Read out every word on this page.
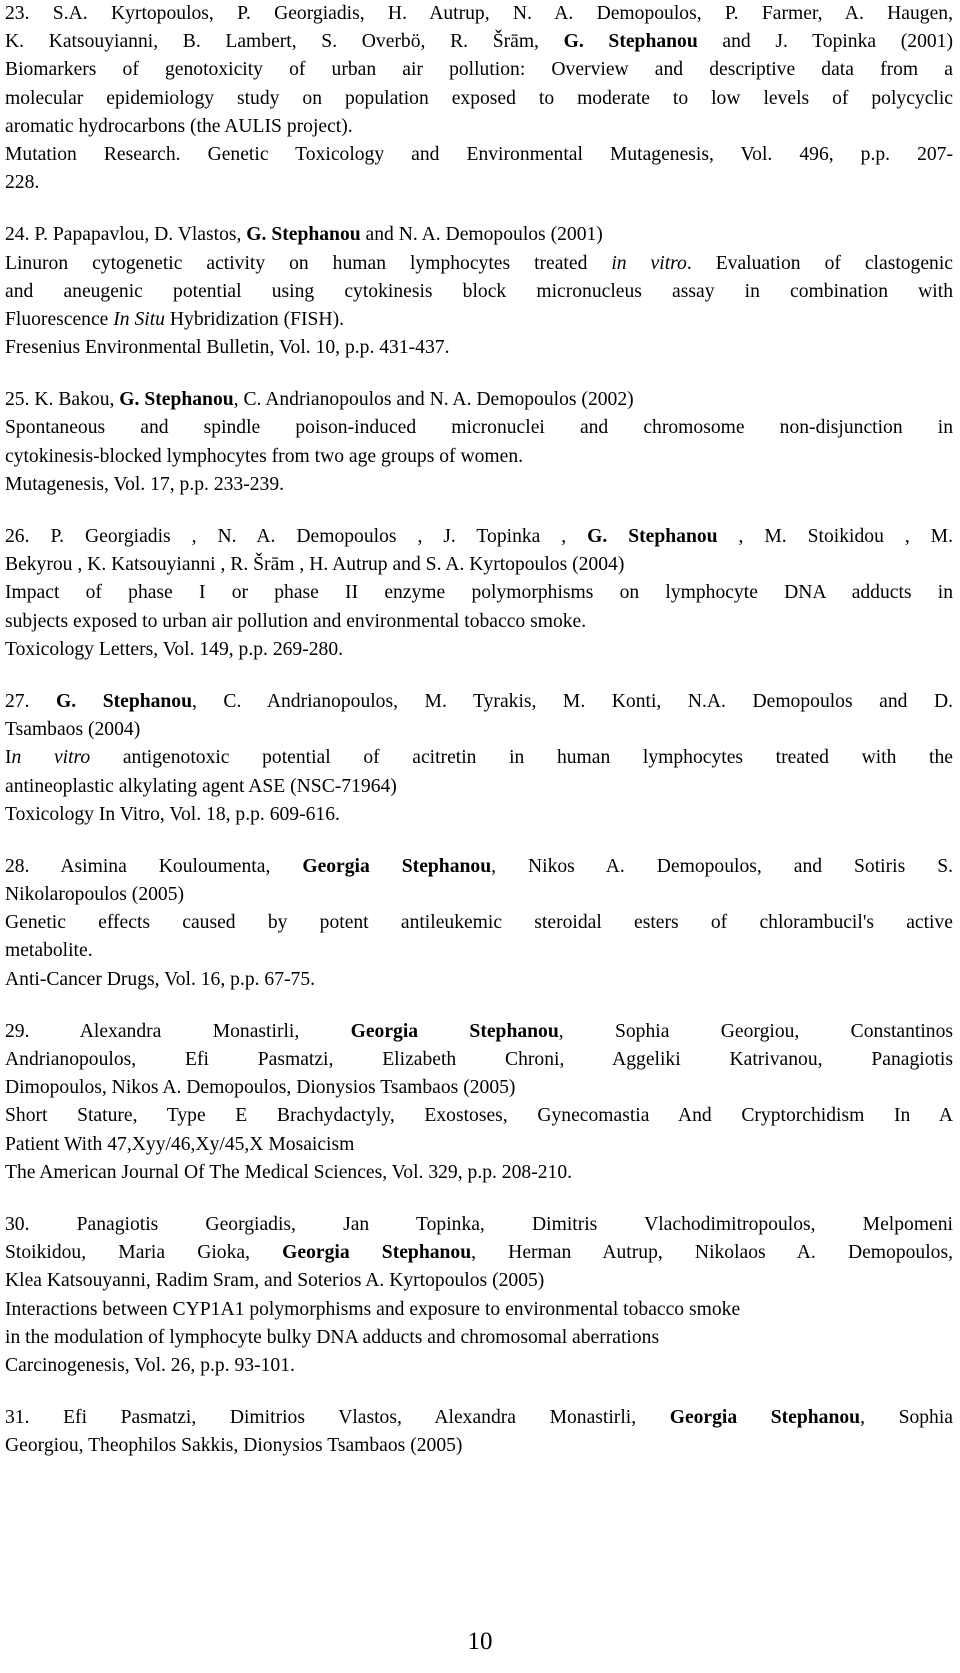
23. S.A. Kyrtopoulos, P. Georgiadis, H. Autrup, N. A. Demopoulos, P. Farmer, A. Haugen,
K. Katsouyianni, B. Lambert, S. Overbö, R. Šrām, G. Stephanou and J. Topinka (2001)
Biomarkers of genotoxicity of urban air pollution: Overview and descriptive data from a
molecular epidemiology study on population exposed to moderate to low levels of polycyclic
aromatic hydrocarbons (the AULIS project).
Mutation Research. Genetic Toxicology and Environmental Mutagenesis, Vol. 496, p.p. 207-
228.
24. P. Papapavlou, D. Vlastos, G. Stephanou and N. A. Demopoulos (2001)
Linuron cytogenetic activity on human lymphocytes treated in vitro. Evaluation of clastogenic
and aneugenic potential using cytokinesis block micronucleus assay in combination with
Fluorescence In Situ Hybridization (FISH).
Fresenius Environmental Bulletin, Vol. 10, p.p. 431-437.
25. K. Bakou, G. Stephanou, C. Andrianopoulos and N. A. Demopoulos (2002)
Spontaneous and spindle poison-induced micronuclei and chromosome non-disjunction in
cytokinesis-blocked lymphocytes from two age groups of women.
Mutagenesis, Vol. 17, p.p. 233-239.
26. P. Georgiadis , N. A. Demopoulos , J. Topinka , G. Stephanou , M. Stoikidou , M.
Bekyrou , K. Katsouyianni , R. Šrām , H. Autrup and S. A. Kyrtopoulos (2004)
Impact of phase I or phase II enzyme polymorphisms on lymphocyte DNA adducts in
subjects exposed to urban air pollution and environmental tobacco smoke.
Toxicology Letters, Vol. 149, p.p. 269-280.
27. G. Stephanou, C. Andrianopoulos, M. Tyrakis, M. Konti, N.A. Demopoulos and D.
Tsambaos (2004)
In vitro antigenotoxic potential of acitretin in human lymphocytes treated with the
antineoplastic alkylating agent ASE (NSC-71964)
Toxicology In Vitro, Vol. 18, p.p. 609-616.
28. Asimina Kouloumenta, Georgia Stephanou, Nikos A. Demopoulos, and Sotiris S.
Nikolaropoulos (2005)
Genetic effects caused by potent antileukemic steroidal esters of chlorambucil's active
metabolite.
Anti-Cancer Drugs, Vol. 16, p.p. 67-75.
29. Alexandra Monastirli, Georgia Stephanou, Sophia Georgiou, Constantinos
Andrianopoulos, Efi Pasmatzi, Elizabeth Chroni, Aggeliki Katrivanou, Panagiotis
Dimopoulos, Nikos A. Demopoulos, Dionysios Tsambaos (2005)
Short Stature, Type E Brachydactyly, Exostoses, Gynecomastia And Cryptorchidism In A
Patient With 47,Xyy/46,Xy/45,X Mosaicism
The American Journal Of The Medical Sciences, Vol. 329, p.p. 208-210.
30. Panagiotis Georgiadis, Jan Topinka, Dimitris Vlachodimitropoulos, Melpomeni
Stoikidou, Maria Gioka, Georgia Stephanou, Herman Autrup, Nikolaos A. Demopoulos,
Klea Katsouyanni, Radim Sram, and Soterios A. Kyrtopoulos (2005)
Interactions between CYP1A1 polymorphisms and exposure to environmental tobacco smoke
in the modulation of lymphocyte bulky DNA adducts and chromosomal aberrations
Carcinogenesis, Vol. 26, p.p. 93-101.
31. Efi Pasmatzi, Dimitrios Vlastos, Alexandra Monastirli, Georgia Stephanou, Sophia
Georgiou, Theophilos Sakkis, Dionysios Tsambaos (2005)
10
